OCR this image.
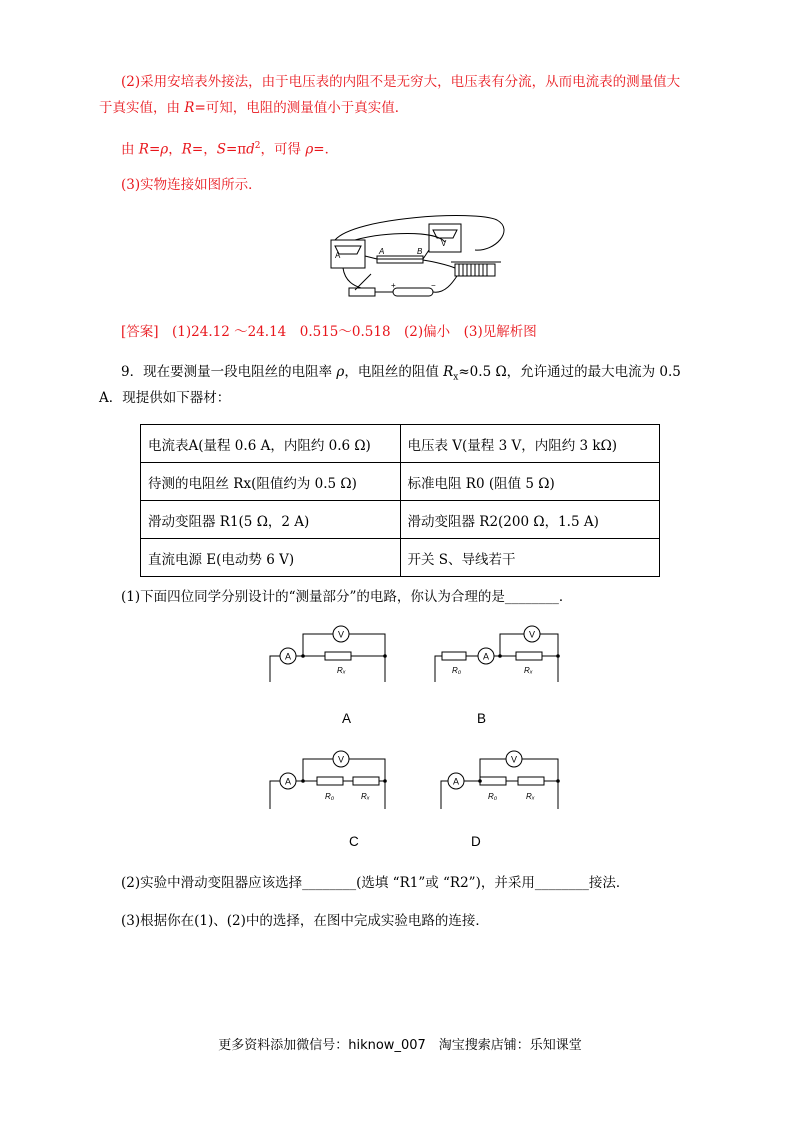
(2)采用安培表外接法，由于电压表的内阻不是无穷大，电压表有分流，从而电流表的测量值大
于真实值，由 R=可知，电阻的测量值小于真实值．
由 R=ρ，R=，$S=\pi d^2$，可得 ρ=．
(3)实物连接如图所示．
A
V
A	B
+	−
[答案]　(1)24.12 ～24.14　0.515～0.518　(2)偏小　(3)见解析图
9．现在要测量一段电阻丝的电阻率 ρ，电阻丝的阻值 $R_x\approx 0.5$ Ω，允许通过的最大电流为 0.5
A．现提供如下器材：
电流表A(量程 0.6 A，内阻约 0.6 Ω)	电压表 V(量程 3 V，内阻约 3 kΩ)
待测的电阻丝 Rx(阻值约为 0.5 Ω)	标准电阻 R0 (阻值 5 Ω)
滑动变阻器 R1(5 Ω，2 A)	滑动变阻器 R2(200 Ω，1.5 A)
直流电源 E(电动势 6 V)	开关 S、导线若干
(1)下面四位同学分别设计的“测量部分”的电路，你认为合理的是________．
A
V
Rₓ
A
A
V
R₀	Rₓ
B
A
V
R₀	Rₓ
C
A
V
R₀	Rₓ
D
(2)实验中滑动变阻器应该选择________(选填 “R1”或 “R2”)，并采用________接法．
(3)根据你在(1)、(2)中的选择，在图中完成实验电路的连接．
更多资料添加微信号：hiknow_007　淘宝搜索店铺：乐知课堂
